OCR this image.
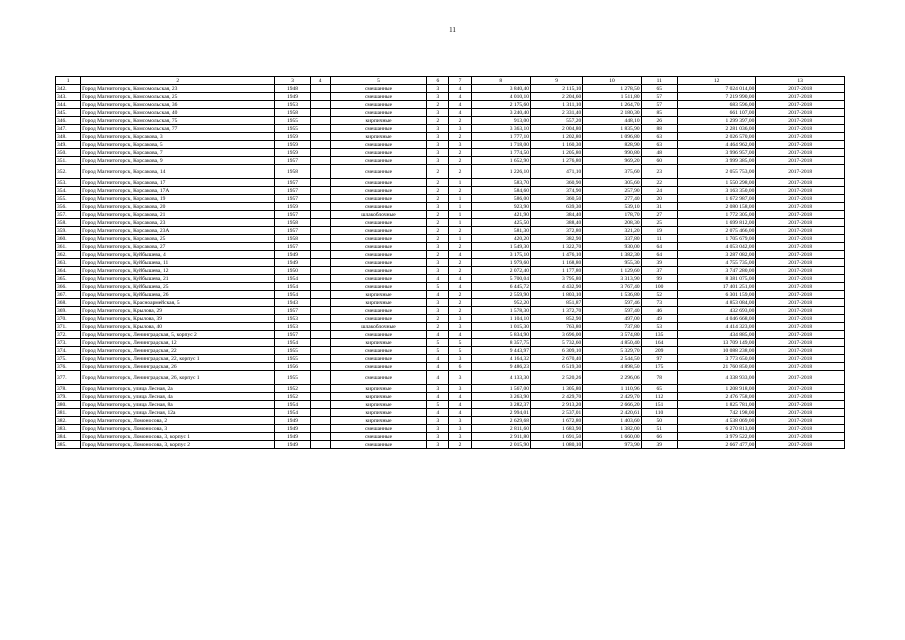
11
1	2	3	4	5	6	7	8	9	10	11	12	13
342.	Город Магнитогорск, Комсомольская, 23	1948		смешанные	3	4	3 840,40	2 115,10	1 278,50	65	7 024 014,00	2017-2018
343.	Город Магнитогорск, Комсомольская, 25	1949		смешанные	3	4	4 010,10	2 204,60	1 511,80	57	7 219 990,00	2017-2018
344.	Город Магнитогорск, Комсомольская, 36	1953		смешанные	2	4	2 175,60	1 311,10	1 264,70	57	683 596,00	2017-2018
345.	Город Магнитогорск, Комсомольская, 40	1958		смешанные	3	4	3 240,40	2 331,40	2 180,30	85	661 107,00	2017-2018
346.	Город Магнитогорск, Комсомольская, 75	1955		кирпичные	2	2	913,00	557,20	448,10	26	1 299 397,00	2017-2018
347.	Город Магнитогорск, Комсомольская, 77	1955		смешанные	3	3	3 363,10	2 004,80	1 835,90	88	2 281 036,00	2017-2018
348.	Город Магнитогорск, Корсакова, 3	1959		кирпичные	3	2	1 777,10	1 202,80	1 096,80	63	2 026 570,00	2017-2018
349.	Город Магнитогорск, Корсакова, 5	1959		смешанные	3	3	1 718,00	1 160,30	828,90	63	4 464 962,00	2017-2018
350.	Город Магнитогорск, Корсакова, 7	1959		смешанные	3	2	1 774,50	1 205,80	990,80	48	3 996 957,00	2017-2018
351.	Город Магнитогорск, Корсакова, 9	1957		смешанные	3	2	1 652,90	1 276,80	969,20	60	3 999 385,00	2017-2018
352.	Город Магнитогорск, Корсакова, 14	1958		смешанные	2	2	1 226,10	471,10	375,60	23	2 055 753,00	2017-2018
353.	Город Магнитогорск, Корсакова, 17	1957		смешанные	2	1	583,70	360,90	305,60	22	1 550 298,00	2017-2018
354.	Город Магнитогорск, Корсакова, 17А	1957		смешанные	2	2	584,60	374,90	257,90	24	3 163 350,00	2017-2018
355.	Город Магнитогорск, Корсакова, 19	1957		смешанные	2	1	586,00	360,50	277,40	20	1 672 987,00	2017-2018
356.	Город Магнитогорск, Корсакова, 20	1959		смешанные	3	1	923,90	639,30	539,10	31	2 080 158,00	2017-2018
357.	Город Магнитогорск, Корсакова, 21	1957		шлакоблочные	2	1	421,90	384,40	178,70	27	1 772 305,00	2017-2018
358.	Город Магнитогорск, Корсакова, 23	1958		смешанные	2	1	425,50	388,40	208,30	25	1 699 812,00	2017-2018
359.	Город Магнитогорск, Корсакова, 23А	1957		смешанные	2	2	581,30	372,80	321,20	19	2 075 466,00	2017-2018
360.	Город Магнитогорск, Корсакова, 25	1958		смешанные	2	1	420,20	382,90	337,80	11	1 705 679,00	2017-2018
361.	Город Магнитогорск, Корсакова, 27	1957		смешанные	3	2	1 549,30	1 322,70	930,00	64	4 053 042,00	2017-2018
362.	Город Магнитогорск, Куйбышева, 4	1949		смешанные	2	4	3 175,10	1 476,10	1 382,30	64	3 287 082,00	2017-2018
363.	Город Магнитогорск, Куйбышева, 11	1949		смешанные	3	2	1 979,60	1 168,80	955,30	39	4 755 735,00	2017-2018
364.	Город Магнитогорск, Куйбышева, 12	1950		смешанные	3	2	2 072,40	1 177,80	1 129,60	37	3 747 280,00	2017-2018
365.	Город Магнитогорск, Куйбышева, 21	1954		смешанные	4	4	5 700,04	3 795,80	3 313,90	99	8 381 075,00	2017-2018
366.	Город Магнитогорск, Куйбышева, 25	1954		смешанные	5	4	6 445,72	4 432,90	3 767,40	100	17 401 251,00	2017-2018
367.	Город Магнитогорск, Куйбышева, 26	1954		кирпичные	4	2	2 559,90	1 803,10	1 536,80	52	6 301 159,00	2017-2018
368.	Город Магнитогорск, Красноармейская, 5	1943		кирпичные	3	2	952,20	851,87	597,46	73	4 853 084,00	2017-2018
369.	Город Магнитогорск, Крылова, 29	1957		смешанные	3	2	1 578,30	1 372,70	597,40	46	432 693,00	2017-2018
370.	Город Магнитогорск, Крылова, 39	1953		смешанные	2	3	1 104,10	852,90	497,00	49	4 046 668,00	2017-2018
371.	Город Магнитогорск, Крылова, 40	1953		шлакоблочные	2	3	1 015,30	763,80	737,80	53	4 414 323,00	2017-2018
372.	Город Магнитогорск, Ленинградская, 5, корпус 2	1957		смешанные	4	4	5 834,90	3 696,00	3 574,80	135	434 885,00	2017-2018
373.	Город Магнитогорск, Ленинградская, 12	1954		кирпичные	5	5	8 357,75	5 732,60	4 850,40	164	13 709 149,00	2017-2018
374.	Город Магнитогорск, Ленинградская, 22	1955		смешанные	5	5	9 443,97	6 309,10	5 329,70	209	10 088 238,00	2017-2018
375.	Город Магнитогорск, Ленинградская, 22, корпус 1	1955		смешанные	4	3	4 164,32	2 670,40	2 544,50	97	3 773 650,00	2017-2018
376.	Город Магнитогорск, Ленинградская, 26	1956		смешанные	4	6	9 486,23	6 519,30	4 898,50	175	21 760 850,00	2017-2018
377.	Город Магнитогорск, Ленинградская, 26, корпус 1	1955		смешанные	4	3	4 133,30	2 520,26	2 296,06	78	4 338 933,00	2017-2018
378.	Город Магнитогорск, улица Лесная, 2а	1952		кирпичные	3	3	1 567,00	1 305,80	1 110,96	65	1 208 918,00	2017-2018
379.	Город Магнитогорск, улица Лесная, 4а	1952		кирпичные	4	4	3 263,90	2 429,70	2 429,70	112	2 476 758,00	2017-2018
380.	Город Магнитогорск, улица Лесная, 8а	1954		кирпичные	5	4	3 282,37	2 913,20	2 666,20	151	1 825 781,00	2017-2018
381.	Город Магнитогорск, улица Лесная, 12а	1954		кирпичные	4	4	2 994,01	2 537,01	2 420,61	110	742 198,00	2017-2018
382.	Город Магнитогорск, Ломоносова, 2	1949		кирпичные	3	3	2 629,68	1 672,80	1 403,60	50	4 538 069,00	2017-2018
383.	Город Магнитогорск, Ломоносова, 3	1949		смешанные	3	3	2 811,60	1 683,90	1 382,00	51	6 270 813,00	2017-2018
384.	Город Магнитогорск, Ломоносова, 3, корпус 1	1949		смешанные	3	3	2 911,80	1 691,50	1 660,00	66	3 979 522,00	2017-2018
385.	Город Магнитогорск, Ломоносова, 3, корпус 2	1949		смешанные	3	2	2 015,90	1 080,10	973,90	39	2 667 477,00	2017-2018
